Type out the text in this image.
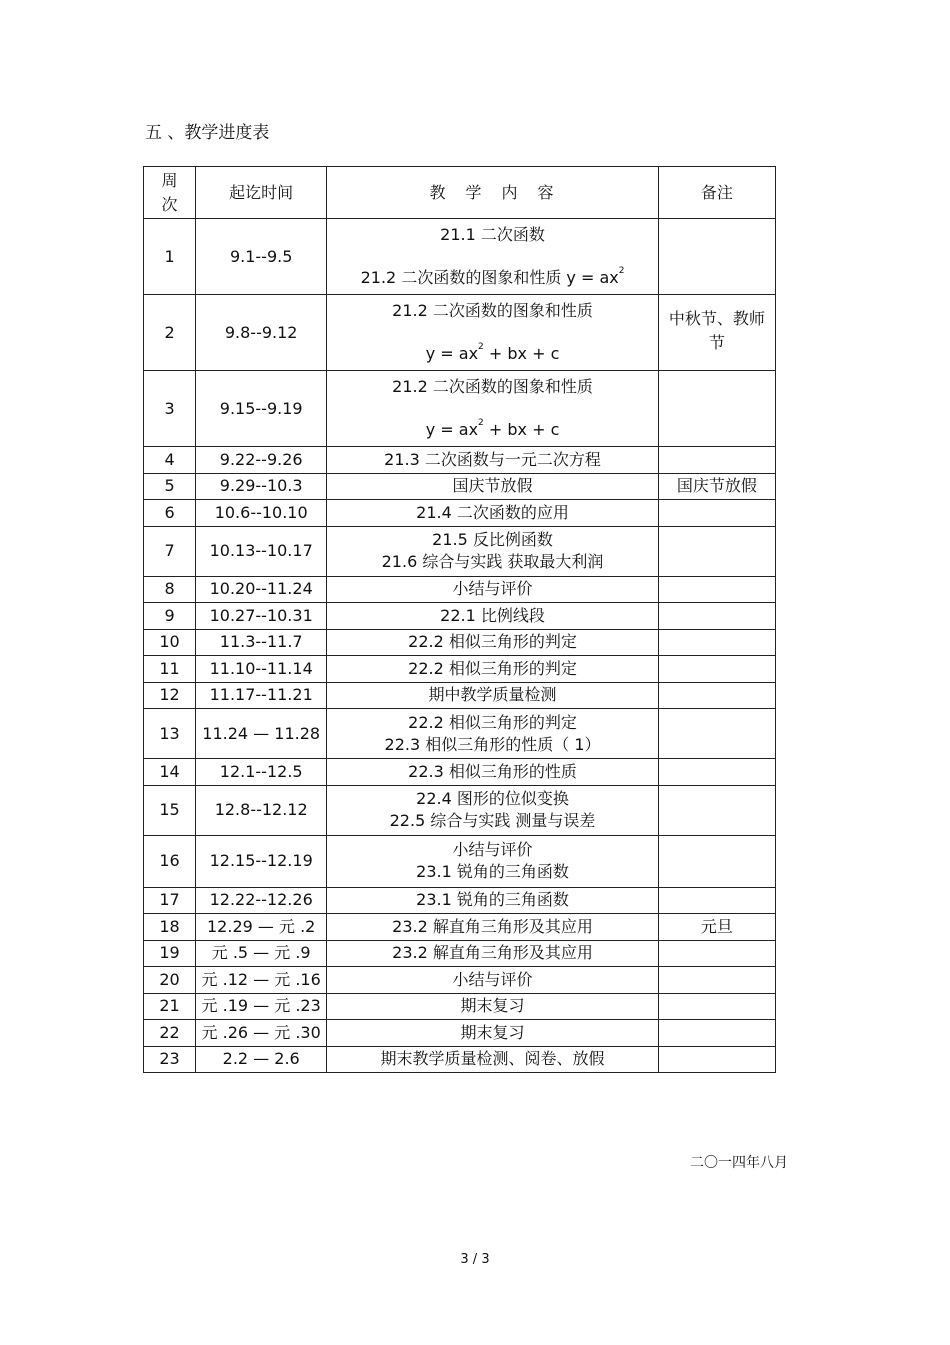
五 、教学进度表
周
次	起讫时间	教　学　内　容	备注
1	9.1--9.5	21.1 二次函数
21.2 二次函数的图象和性质 $y = ax^2$

2	9.8--9.12	21.2 二次函数的图象和性质
$y = ax^2$ + bx + c	中秋节、教师节
3	9.15--9.19	21.2 二次函数的图象和性质
$y = ax^2$ + bx + c	

4	9.22--9.26	21.3 二次函数与一元二次方程	

5	9.29--10.3	国庆节放假	国庆节放假
6	10.6--10.10	21.4 二次函数的应用	

7	10.13--10.17	21.5 反比例函数
21.6 综合与实践 获取最大利润	

8	10.20--11.24	小结与评价	

9	10.27--10.31	22.1 比例线段	

10	11.3--11.7	22.2 相似三角形的判定	

11	11.10--11.14	22.2 相似三角形的判定	

12	11.17--11.21	期中教学质量检测	

13	11.24 — 11.28	22.2 相似三角形的判定
22.3 相似三角形的性质（ 1）	

14	12.1--12.5	22.3 相似三角形的性质	

15	12.8--12.12	22.4 图形的位似变换
22.5 综合与实践 测量与误差	

16	12.15--12.19	小结与评价
23.1 锐角的三角函数	

17	12.22--12.26	23.1 锐角的三角函数	

18	12.29 — 元 .2	23.2 解直角三角形及其应用	元旦
19	元 .5 — 元 .9	23.2 解直角三角形及其应用	

20	元 .12 — 元 .16	小结与评价	

21	元 .19 — 元 .23	期末复习	

22	元 .26 — 元 .30	期末复习	

23	2.2 — 2.6	期末教学质量检测、阅卷、放假	

二〇一四年八月
3 / 3
